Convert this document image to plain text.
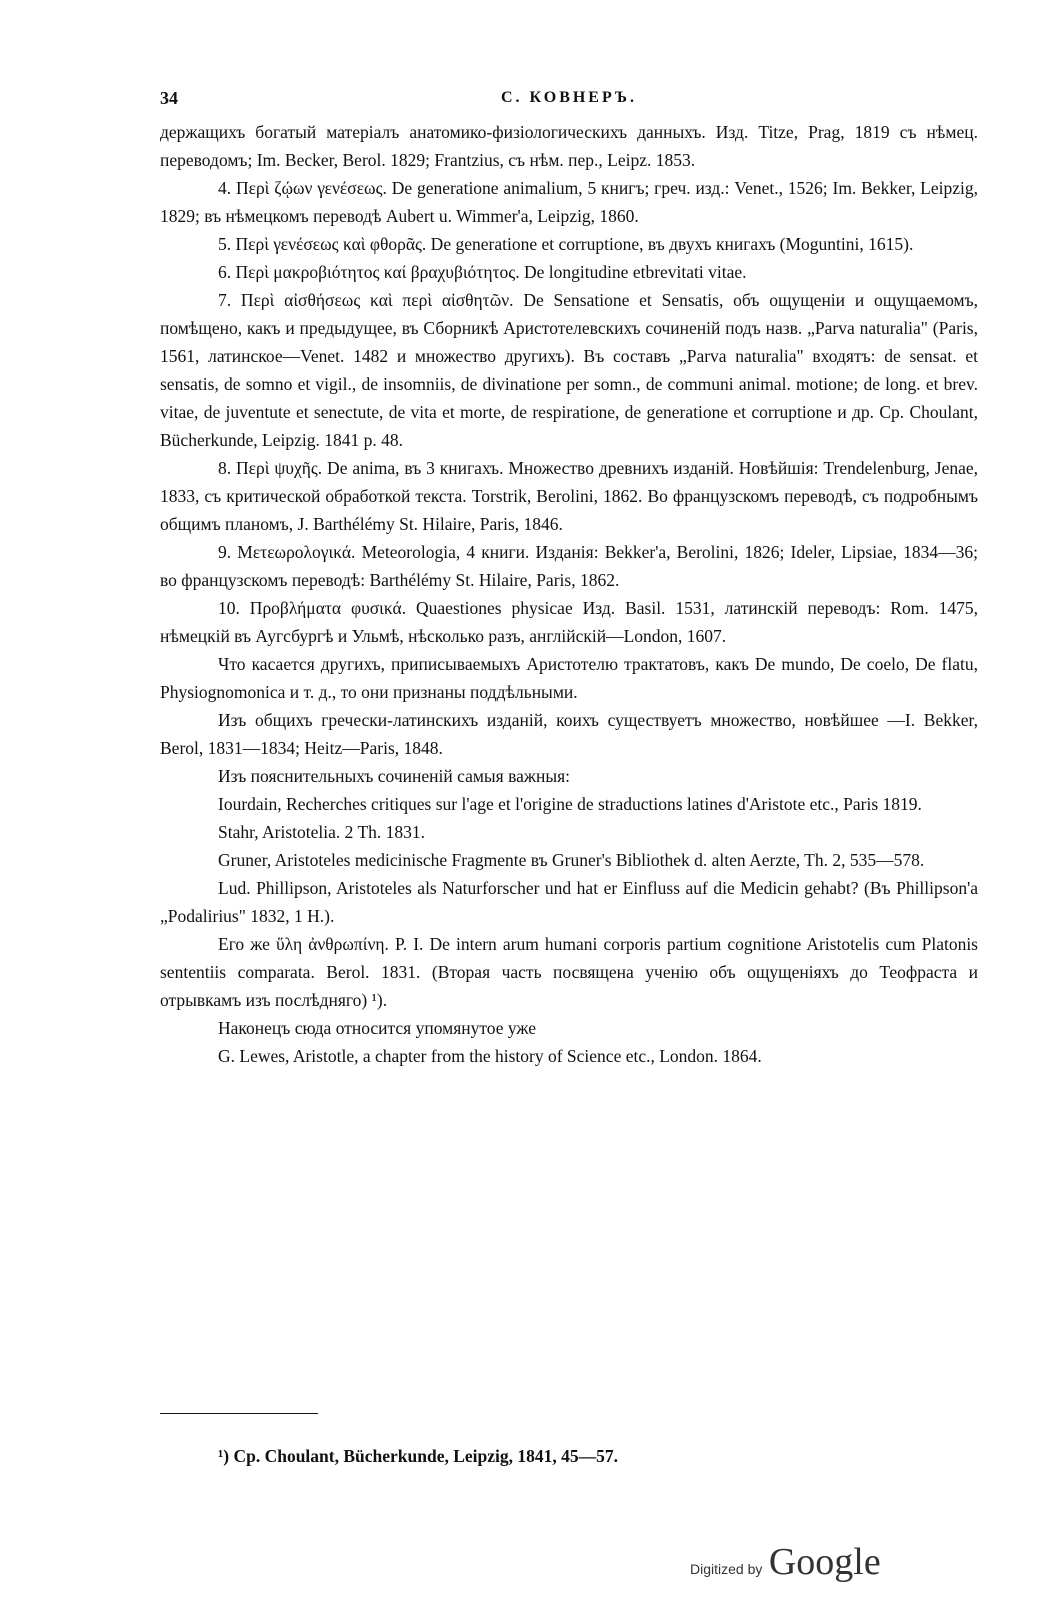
34	С. КОВНЕРЪ.

держащихъ богатый матеріалъ анатомико-физіологическихъ данныхъ. Изд. Titze, Prag, 1819 съ нѣмец. переводомъ; Im. Becker, Berol. 1829; Frantzius, съ нѣм. пер., Leipz. 1853.

4. Περὶ ζῴων γενέσεως. De generatione animalium, 5 книгъ; греч. изд.: Venet., 1526; Im. Bekker, Leipzig, 1829; въ нѣмецкомъ переводѣ Aubert u. Wimmer'a, Leipzig, 1860.

5. Περὶ γενέσεως καὶ φθορᾶς. De generatione et corruptione, въ двухъ книгахъ (Moguntini, 1615).

6. Περὶ μακροβιότητος καί βραχυβιότητος. De longitudine etbrevitati vitae.

7. Περὶ αἰσθήσεως καὶ περὶ αἰσθητῶν. De Sensatione et Sensatis, объ ощущеніи и ощущаемомъ, помѣщено, какъ и предыдущее, въ Сборникѣ Аристотелевскихъ сочиненій подъ назв. „Parva naturalia" (Paris, 1561, латинское—Venet. 1482 и множество другихъ). Въ составъ „Parva naturalia" входятъ: de sensat. et sensatis, de somno et vigil., de insomniis, de divinatione per somn., de communi animal. motione; de long. et brev. vitae, de juventute et senectute, de vita et morte, de respiratione, de generatione et corruptione и др. Ср. Choulant, Bücherkunde, Leipzig. 1841 p. 48.

8. Περὶ ψυχῆς. De anima, въ 3 книгахъ. Множество древнихъ изданій. Новѣйшія: Trendelenburg, Jenae, 1833, съ критической обработкой текста. Torstrik, Berolini, 1862. Во французскомъ переводѣ, съ подробнымъ общимъ планомъ, J. Barthélémy St. Hilaire, Paris, 1846.

9. Μετεωρολογικά. Meteorologia, 4 книги. Изданія: Bekker'a, Berolini, 1826; Ideler, Lipsiae, 1834—36; во французскомъ переводѣ: Barthélémy St. Hilaire, Paris, 1862.

10. Προβλήματα φυσικά. Quaestiones physicae Изд. Basil. 1531, латинскій переводъ: Rom. 1475, нѣмецкій въ Аугсбургѣ и Ульмѣ, нѣсколько разъ, англійскій—London, 1607.

Что касается другихъ, приписываемыхъ Аристотелю трактатовъ, какъ De mundo, De coelo, De flatu, Physiognomonica и т. д., то они признаны поддѣльными.

Изъ общихъ гречески-латинскихъ изданій, коихъ существуетъ множество, новѣйшее —I. Bekker, Berol, 1831—1834; Heitz—Paris, 1848.

Изъ пояснительныхъ сочиненій самыя важныя:

Iourdain, Recherches critiques sur l'age et l'origine de straductions latines d'Aristote etc., Paris 1819.

Stahr, Aristotelia. 2 Th. 1831.

Gruner, Aristoteles medicinische Fragmente въ Gruner's Bibliothek d. alten Aerzte, Th. 2, 535—578.

Lud. Phillipson, Aristoteles als Naturforscher und hat er Einfluss auf die Medicin gehabt? (Въ Phillipson'a „Podalirius" 1832, 1 H.).

Его же ὕλη ἀνθρωπίνη. P. I. De intern arum humani corporis partium cognitione Aristotelis cum Platonis sententiis comparata. Berol. 1831. (Вторая часть посвящена ученію объ ощущеніяхъ до Теофраста и отрывкамъ изъ послѣдняго) ¹).

Наконецъ сюда относится упомянутое уже

G. Lewes, Aristotle, a chapter from the history of Science etc., London. 1864.

¹) Cp. Choulant, Bücherkunde, Leipzig, 1841, 45—57.
Digitized by Google
